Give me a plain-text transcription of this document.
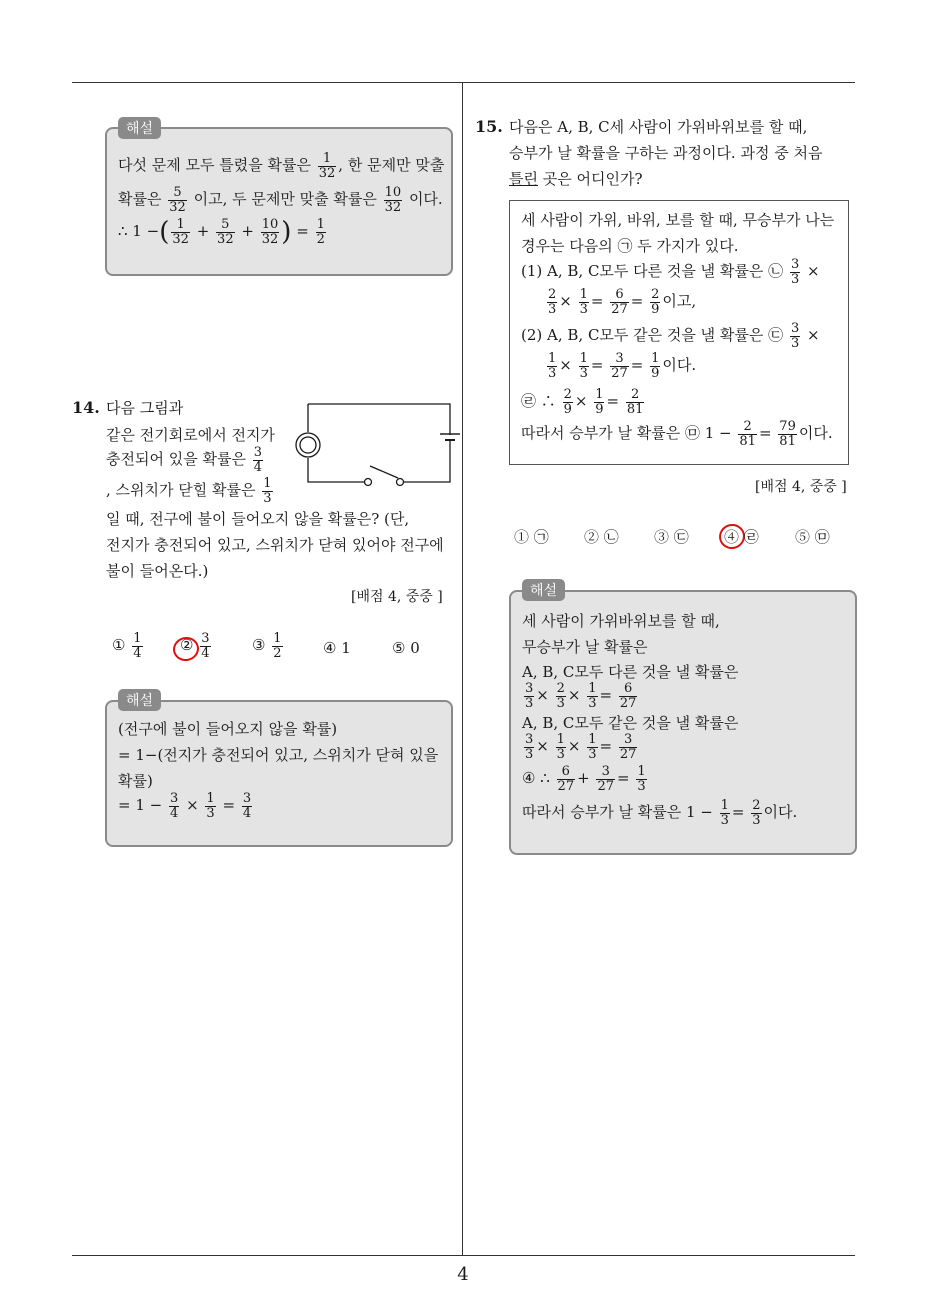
4
해설
다섯 문제 모두 틀렸을 확률은 $\frac{1}{32}$ , 한 문제만 맞출
확률은 $\frac{5}{32}$ 이고, 두 문제만 맞출 확률은 $\frac{10}{32}$ 이다.
∴ 1 −( $\frac{1}{32} + \frac{5}{32} + \frac{10}{32}$ ) = $\frac{1}{2}$
14. 다음 그림과
같은 전기회로에서 전지가
충전되어 있을 확률은 $\frac{3}{4}$
, 스위치가 닫힐 확률은 $\frac{1}{3}$
일 때, 전구에 불이 들어오지 않을 확률은? (단,
전지가 충전되어 있고, 스위치가 닫혀 있어야 전구에
불이 들어온다.)
[배점 4, 중중 ]
① $\frac{1}{4}$ ② $\frac{3}{4}$	③ $\frac{1}{2}$	④ 1	⑤ 0
해설
(전구에 불이 들어오지 않을 확률)
= 1−(전지가 충전되어 있고, 스위치가 닫혀 있을
확률)
= $1 - \frac{3}{4} \times \frac{1}{3} = \frac{3}{4}$
15. 다음은 A, B, C세 사람이 가위바위보를 할 때,
승부가 날 확률을 구하는 과정이다. 과정 중 처음
틀린 곳은 어디인가?
세 사람이 가위, 바위, 보를 할 때, 무승부가 나는
경우는 다음의 ㉠ 두 가지가 있다.
(1) A, B, C모두 다른 것을 낼 확률은 ㉡ $\frac{3}{3}$ ×
$\frac{2}{3} \times \frac{1}{3} = \frac{6}{27} = \frac{2}{9}$ 이고,
(2) A, B, C모두 같은 것을 낼 확률은 ㉢ $\frac{3}{3}$ ×
$\frac{1}{3} \times \frac{1}{3} = \frac{3}{27} = \frac{1}{9}$ 이다.
㉣ ∴ $\frac{2}{9} \times \frac{1}{9} = \frac{2}{81}$
따라서 승부가 날 확률은 ㉤ $1 - \frac{2}{81} = \frac{79}{81}$ 이다.
[배점 4, 중중 ]
① ㉠ ② ㉡ ③ ㉢ ④ ㉣ ⑤ ㉤
해설
세 사람이 가위바위보를 할 때,
무승부가 날 확률은
A, B, C모두 다른 것을 낼 확률은
$\frac{3}{3} \times \frac{2}{3} \times \frac{1}{3} = \frac{6}{27}$
A, B, C모두 같은 것을 낼 확률은
$\frac{3}{3} \times \frac{1}{3} \times \frac{1}{3} = \frac{3}{27}$
④ ∴ $\frac{6}{27} + \frac{3}{27} = \frac{1}{3}$
따라서 승부가 날 확률은 $1 - \frac{1}{3} = \frac{2}{3}$ 이다.
